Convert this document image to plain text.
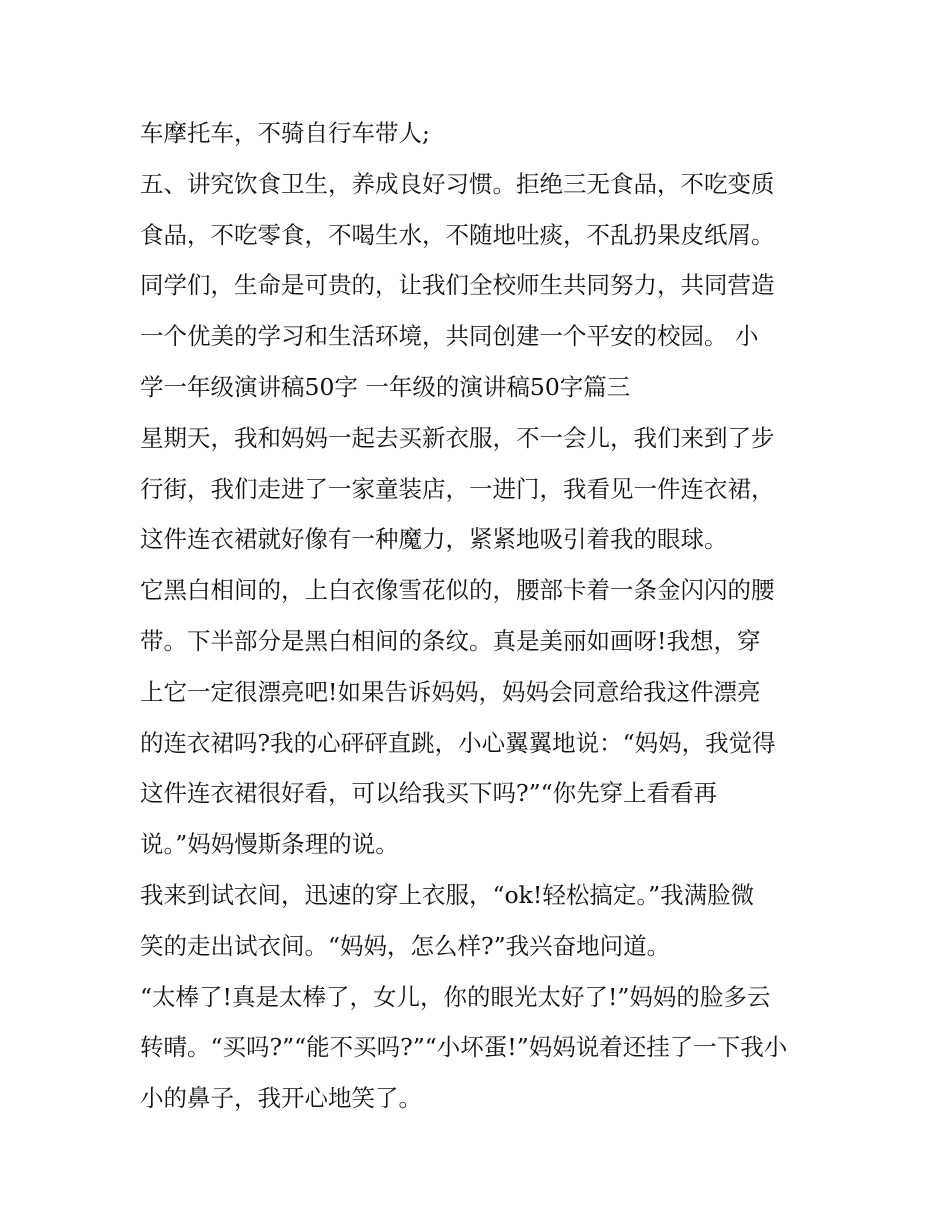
车摩托车，不骑自行车带人;
五、讲究饮食卫生，养成良好习惯。拒绝三无食品，不吃变质
食品，不吃零食，不喝生水，不随地吐痰，不乱扔果皮纸屑。
同学们，生命是可贵的，让我们全校师生共同努力，共同营造
一个优美的学习和生活环境，共同创建一个平安的校园。 小
学一年级演讲稿50字 一年级的演讲稿50字篇三
星期天，我和妈妈一起去买新衣服，不一会儿，我们来到了步
行街，我们走进了一家童装店，一进门，我看见一件连衣裙，
这件连衣裙就好像有一种魔力，紧紧地吸引着我的眼球。
它黑白相间的，上白衣像雪花似的，腰部卡着一条金闪闪的腰
带。下半部分是黑白相间的条纹。真是美丽如画呀!我想，穿
上它一定很漂亮吧!如果告诉妈妈，妈妈会同意给我这件漂亮
的连衣裙吗?我的心砰砰直跳，小心翼翼地说：“妈妈，我觉得
这件连衣裙很好看，可以给我买下吗?”“你先穿上看看再
说。”妈妈慢斯条理的说。
我来到试衣间，迅速的穿上衣服，“ok!轻松搞定。”我满脸微
笑的走出试衣间。“妈妈，怎么样?”我兴奋地问道。
“太棒了!真是太棒了，女儿，你的眼光太好了!”妈妈的脸多云
转晴。“买吗?”“能不买吗?”“小坏蛋!”妈妈说着还挂了一下我小
小的鼻子，我开心地笑了。
